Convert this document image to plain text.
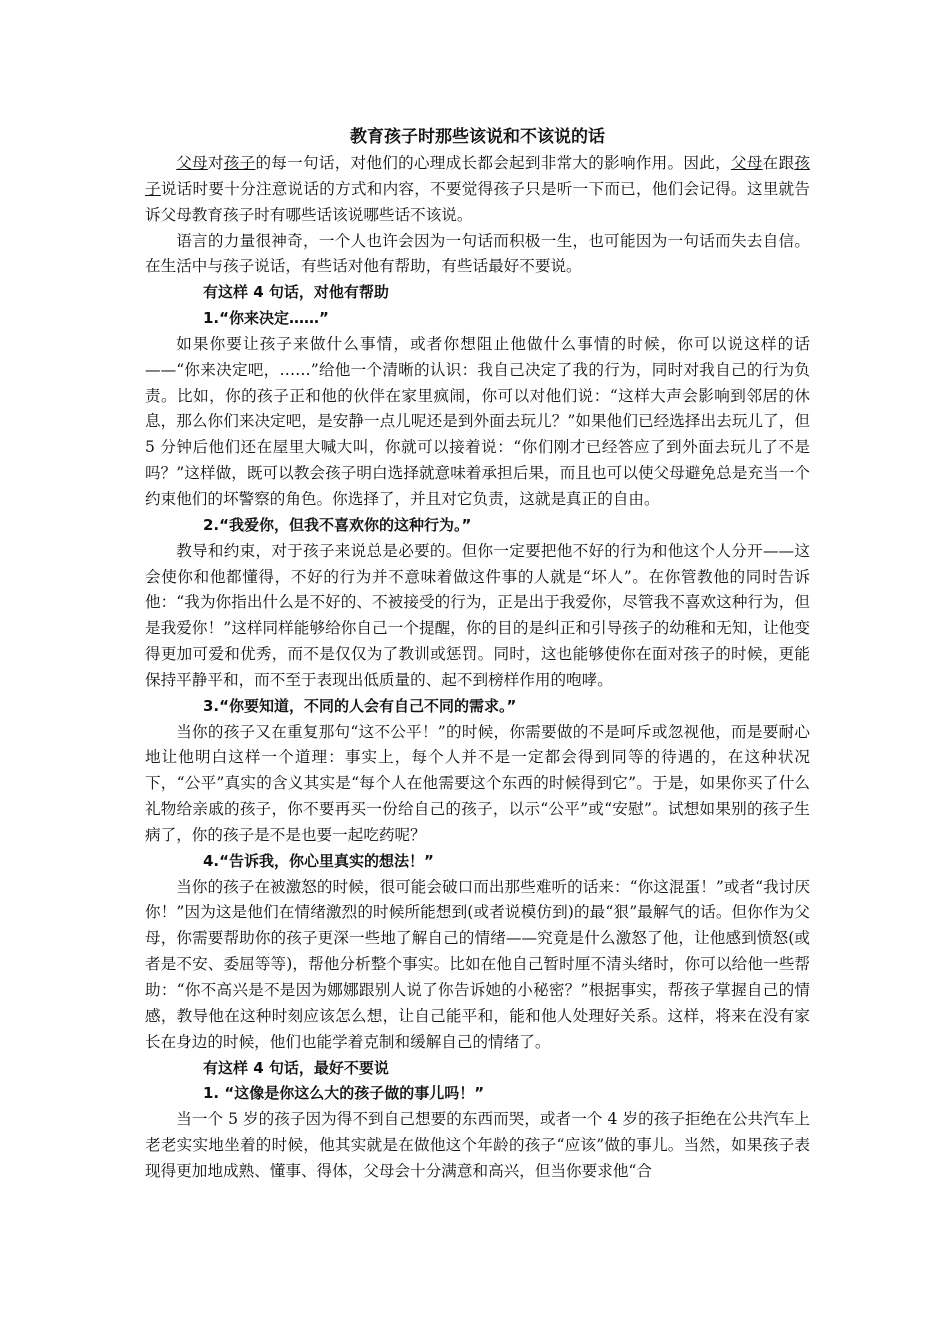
教育孩子时那些该说和不该说的话

父母对孩子的每一句话，对他们的心理成长都会起到非常大的影响作用。因此，父母在跟孩子说话时要十分注意说话的方式和内容，不要觉得孩子只是听一下而已，他们会记得。这里就告诉父母教育孩子时有哪些话该说哪些话不该说。

语言的力量很神奇，一个人也许会因为一句话而积极一生，也可能因为一句话而失去自信。在生活中与孩子说话，有些话对他有帮助，有些话最好不要说。

有这样 4 句话，对他有帮助

1.“你来决定……”

如果你要让孩子来做什么事情，或者你想阻止他做什么事情的时候，你可以说这样的话——“你来决定吧，……”给他一个清晰的认识：我自己决定了我的行为，同时对我自己的行为负责。比如，你的孩子正和他的伙伴在家里疯闹，你可以对他们说：“这样大声会影响到邻居的休息，那么你们来决定吧，是安静一点儿呢还是到外面去玩儿？”如果他们已经选择出去玩儿了，但 5 分钟后他们还在屋里大喊大叫，你就可以接着说：“你们刚才已经答应了到外面去玩儿了不是吗？”这样做，既可以教会孩子明白选择就意味着承担后果，而且也可以使父母避免总是充当一个约束他们的坏警察的角色。你选择了，并且对它负责，这就是真正的自由。

2.“我爱你，但我不喜欢你的这种行为。”

教导和约束，对于孩子来说总是必要的。但你一定要把他不好的行为和他这个人分开——这会使你和他都懂得，不好的行为并不意味着做这件事的人就是“坏人”。在你管教他的同时告诉他：“我为你指出什么是不好的、不被接受的行为，正是出于我爱你，尽管我不喜欢这种行为，但是我爱你！”这样同样能够给你自己一个提醒，你的目的是纠正和引导孩子的幼稚和无知，让他变得更加可爱和优秀，而不是仅仅为了教训或惩罚。同时，这也能够使你在面对孩子的时候，更能保持平静平和，而不至于表现出低质量的、起不到榜样作用的咆哮。

3.“你要知道，不同的人会有自己不同的需求。”

当你的孩子又在重复那句“这不公平！”的时候，你需要做的不是呵斥或忽视他，而是要耐心地让他明白这样一个道理：事实上，每个人并不是一定都会得到同等的待遇的，在这种状况下，“公平”真实的含义其实是“每个人在他需要这个东西的时候得到它”。于是，如果你买了什么礼物给亲戚的孩子，你不要再买一份给自己的孩子，以示“公平”或“安慰”。试想如果别的孩子生病了，你的孩子是不是也要一起吃药呢？

4.“告诉我，你心里真实的想法！”

当你的孩子在被激怒的时候，很可能会破口而出那些难听的话来：“你这混蛋！”或者“我讨厌你！”因为这是他们在情绪激烈的时候所能想到(或者说模仿到)的最“狠”最解气的话。但你作为父母，你需要帮助你的孩子更深一些地了解自己的情绪——究竟是什么激怒了他，让他感到愤怒(或者是不安、委屈等等)，帮他分析整个事实。比如在他自己暂时厘不清头绪时，你可以给他一些帮助：“你不高兴是不是因为娜娜跟别人说了你告诉她的小秘密？”根据事实，帮孩子掌握自己的情感，教导他在这种时刻应该怎么想，让自己能平和，能和他人处理好关系。这样，将来在没有家长在身边的时候，他们也能学着克制和缓解自己的情绪了。

有这样 4 句话，最好不要说

1. “这像是你这么大的孩子做的事儿吗！”

当一个 5 岁的孩子因为得不到自己想要的东西而哭，或者一个 4 岁的孩子拒绝在公共汽车上老老实实地坐着的时候，他其实就是在做他这个年龄的孩子“应该”做的事儿。当然，如果孩子表现得更加地成熟、懂事、得体，父母会十分满意和高兴，但当你要求他“合
